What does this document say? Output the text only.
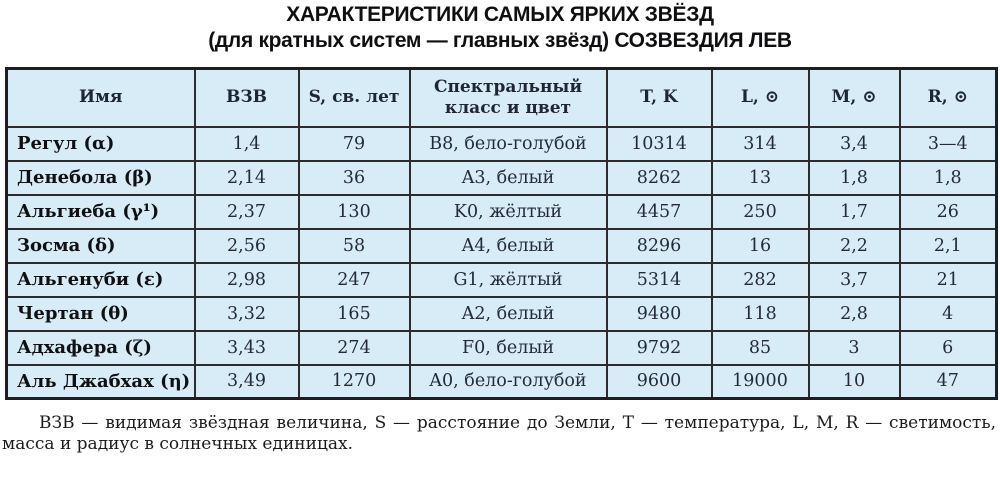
ХАРАКТЕРИСТИКИ САМЫХ ЯРКИХ ЗВЁЗД
(для кратных систем — главных звёзд) СОЗВЕЗДИЯ ЛЕВ
Имя	ВЗВ	S, св. лет	Спектральный класс и цвет	T, K	L, ⊙	M, ⊙	R, ⊙
Регул (α)	1,4	79	B8, бело-голубой	10314	314	3,4	3—4
Денебола (β)	2,14	36	A3, белый	8262	13	1,8	1,8
Альгиеба (γ¹)	2,37	130	K0, жёлтый	4457	250	1,7	26
Зосма (δ)	2,56	58	A4, белый	8296	16	2,2	2,1
Альгенуби (ε)	2,98	247	G1, жёлтый	5314	282	3,7	21
Чертан (θ)	3,32	165	A2, белый	9480	118	2,8	4
Адхафера (ζ)	3,43	274	F0, белый	9792	85	3	6
Аль Джабхах (η)	3,49	1270	A0, бело-голубой	9600	19000	10	47

ВЗВ — видимая звёздная величина, S — расстояние до Земли, T — температура, L, M, R — светимость, масса и радиус в солнечных единицах.
